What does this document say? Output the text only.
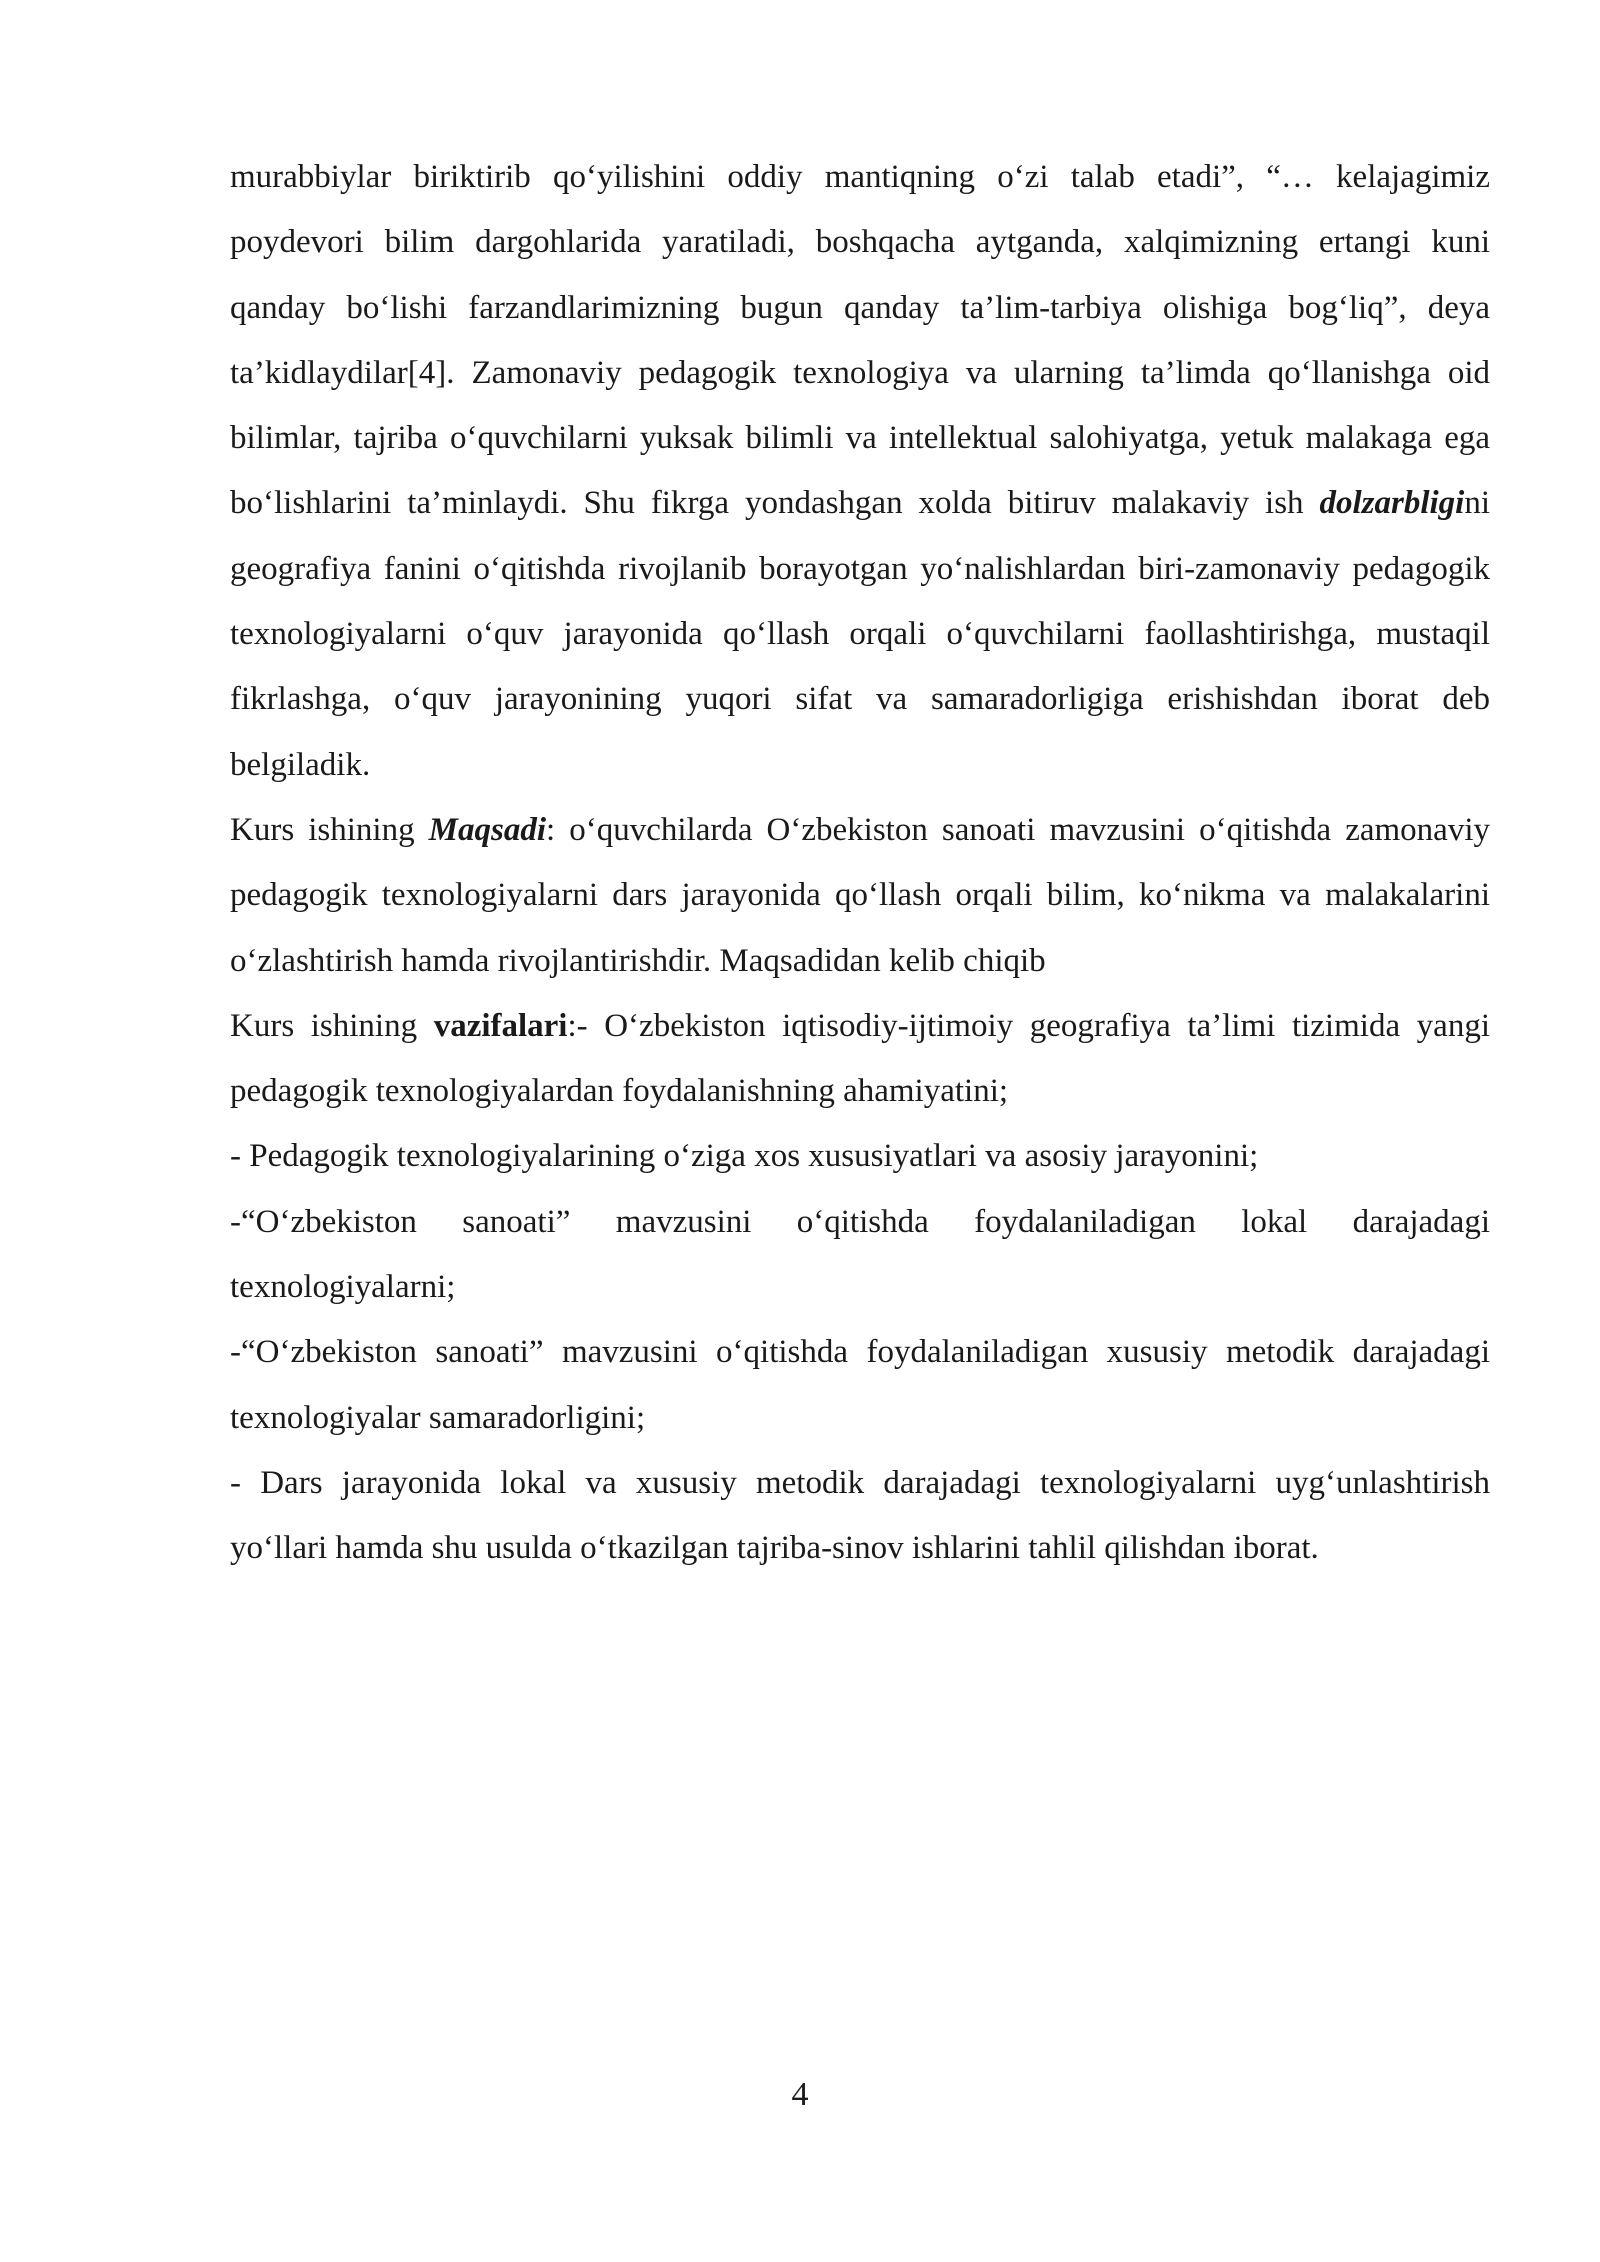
murabbiylar biriktirib qo‘yilishini oddiy mantiqning o‘zi talab etadi”, “… kelajagimiz poydevori bilim dargohlarida yaratiladi, boshqacha aytganda, xalqimizning ertangi kuni qanday bo‘lishi farzandlarimizning bugun qanday ta’lim-tarbiya olishiga bog‘liq”, deya ta’kidlaydilar[4]. Zamonaviy pedagogik texnologiya va ularning ta’limda qo‘llanishga oid bilimlar, tajriba o‘quvchilarni yuksak bilimli va intellektual salohiyatga, yetuk malakaga ega bo‘lishlarini ta’minlaydi. Shu fikrga yondashgan xolda bitiruv malakaviy ish dolzarbligini geografiya fanini o‘qitishda rivojlanib borayotgan yo‘nalishlardan biri-zamonaviy pedagogik texnologiyalarni o‘quv jarayonida qo‘llash orqali o‘quvchilarni faollashtirishga, mustaqil fikrlashga, o‘quv jarayonining yuqori sifat va samaradorligiga erishishdan iborat deb belgiladik.

Kurs ishining Maqsadi: o‘quvchilarda O‘zbekiston sanoati mavzusini o‘qitishda zamonaviy pedagogik texnologiyalarni dars jarayonida qo‘llash orqali bilim, ko‘nikma va malakalarini o‘zlashtirish hamda rivojlantirishdir. Maqsadidan kelib chiqib

Kurs ishining vazifalari:- O‘zbekiston iqtisodiy-ijtimoiy geografiya ta’limi tizimida yangi pedagogik texnologiyalardan foydalanishning ahamiyatini;

- Pedagogik texnologiyalarining o‘ziga xos xususiyatlari va asosiy jarayonini;

-“O‘zbekiston sanoati” mavzusini o‘qitishda foydalaniladigan lokal darajadagi texnologiyalarni;

-“O‘zbekiston sanoati” mavzusini o‘qitishda foydalaniladigan xususiy metodik darajadagi texnologiyalar samaradorligini;

- Dars jarayonida lokal va xususiy metodik darajadagi texnologiyalarni uyg‘unlashtirish yo‘llari hamda shu usulda o‘tkazilgan tajriba-sinov ishlarini tahlil qilishdan iborat.

4
